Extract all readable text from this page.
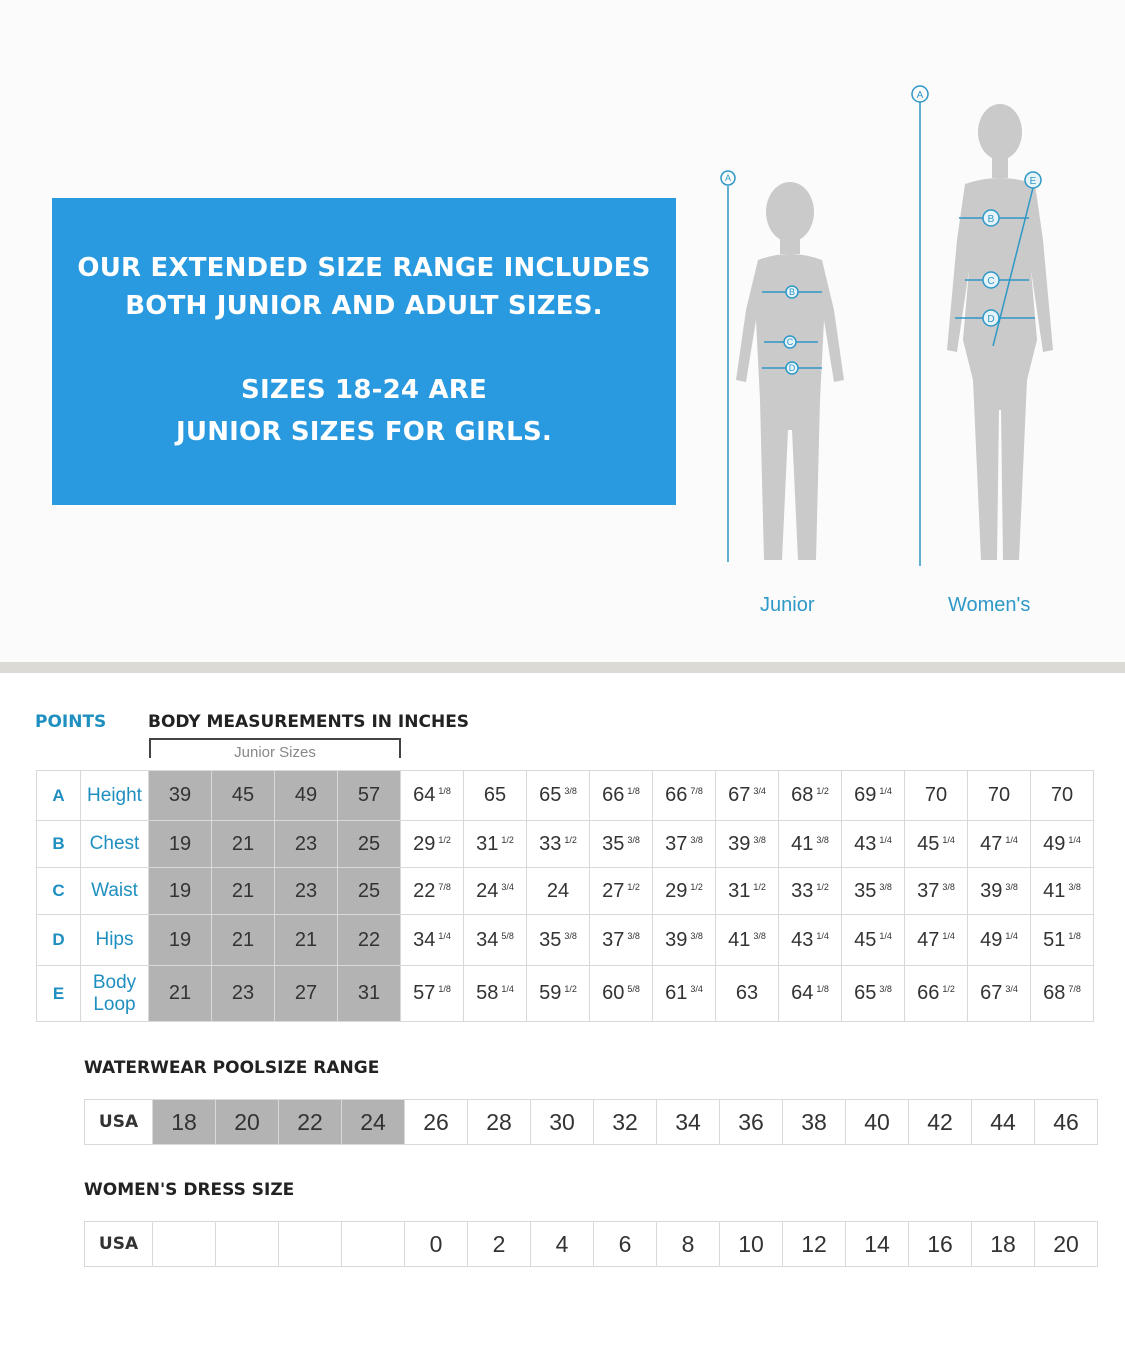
OUR EXTENDED SIZE RANGE INCLUDES
BOTH JUNIOR AND ADULT SIZES.
SIZES 18-24 ARE
JUNIOR SIZES FOR GIRLS.
A
B
C
D
A
E
B
C
D
Junior	Women's
POINTS BODY MEASUREMENTS IN INCHES
Junior Sizes
A	Height	39	45	49	57	64 $^{1/8}$	65	65 $^{3/8}$	66 $^{1/8}$	66 $^{7/8}$	67 $^{3/4}$	68 $^{1/2}$	69 $^{1/4}$	70	70	70
B	Chest	19	21	23	25	29 $^{1/2}$	31 $^{1/2}$	33 $^{1/2}$	35 $^{3/8}$	37 $^{3/8}$	39 $^{3/8}$	41 $^{3/8}$	43 $^{1/4}$	45 $^{1/4}$	47 $^{1/4}$	49 $^{1/4}$
C	Waist	19	21	23	25	22 $^{7/8}$	24 $^{3/4}$	24	27 $^{1/2}$	29 $^{1/2}$	31 $^{1/2}$	33 $^{1/2}$	35 $^{3/8}$	37 $^{3/8}$	39 $^{3/8}$	41 $^{3/8}$
D	Hips	19	21	21	22	34 $^{1/4}$	34 $^{5/8}$	35 $^{3/8}$	37 $^{3/8}$	39 $^{3/8}$	41 $^{3/8}$	43 $^{1/4}$	45 $^{1/4}$	47 $^{1/4}$	49 $^{1/4}$	51 $^{1/8}$
E	Body
Loop	21	23	27	31	57 $^{1/8}$	58 $^{1/4}$	59 $^{1/2}$	60 $^{5/8}$	61 $^{3/4}$	63	64 $^{1/8}$	65 $^{3/8}$	66 $^{1/2}$	67 $^{3/4}$	68 $^{7/8}$
WATERWEAR POOLSIZE RANGE
USA	18	20	22	24	26	28	30	32	34	36	38	40	42	44	46
WOMEN'S DRESS SIZE
USA					0	2	4	6	8	10	12	14	16	18	20
